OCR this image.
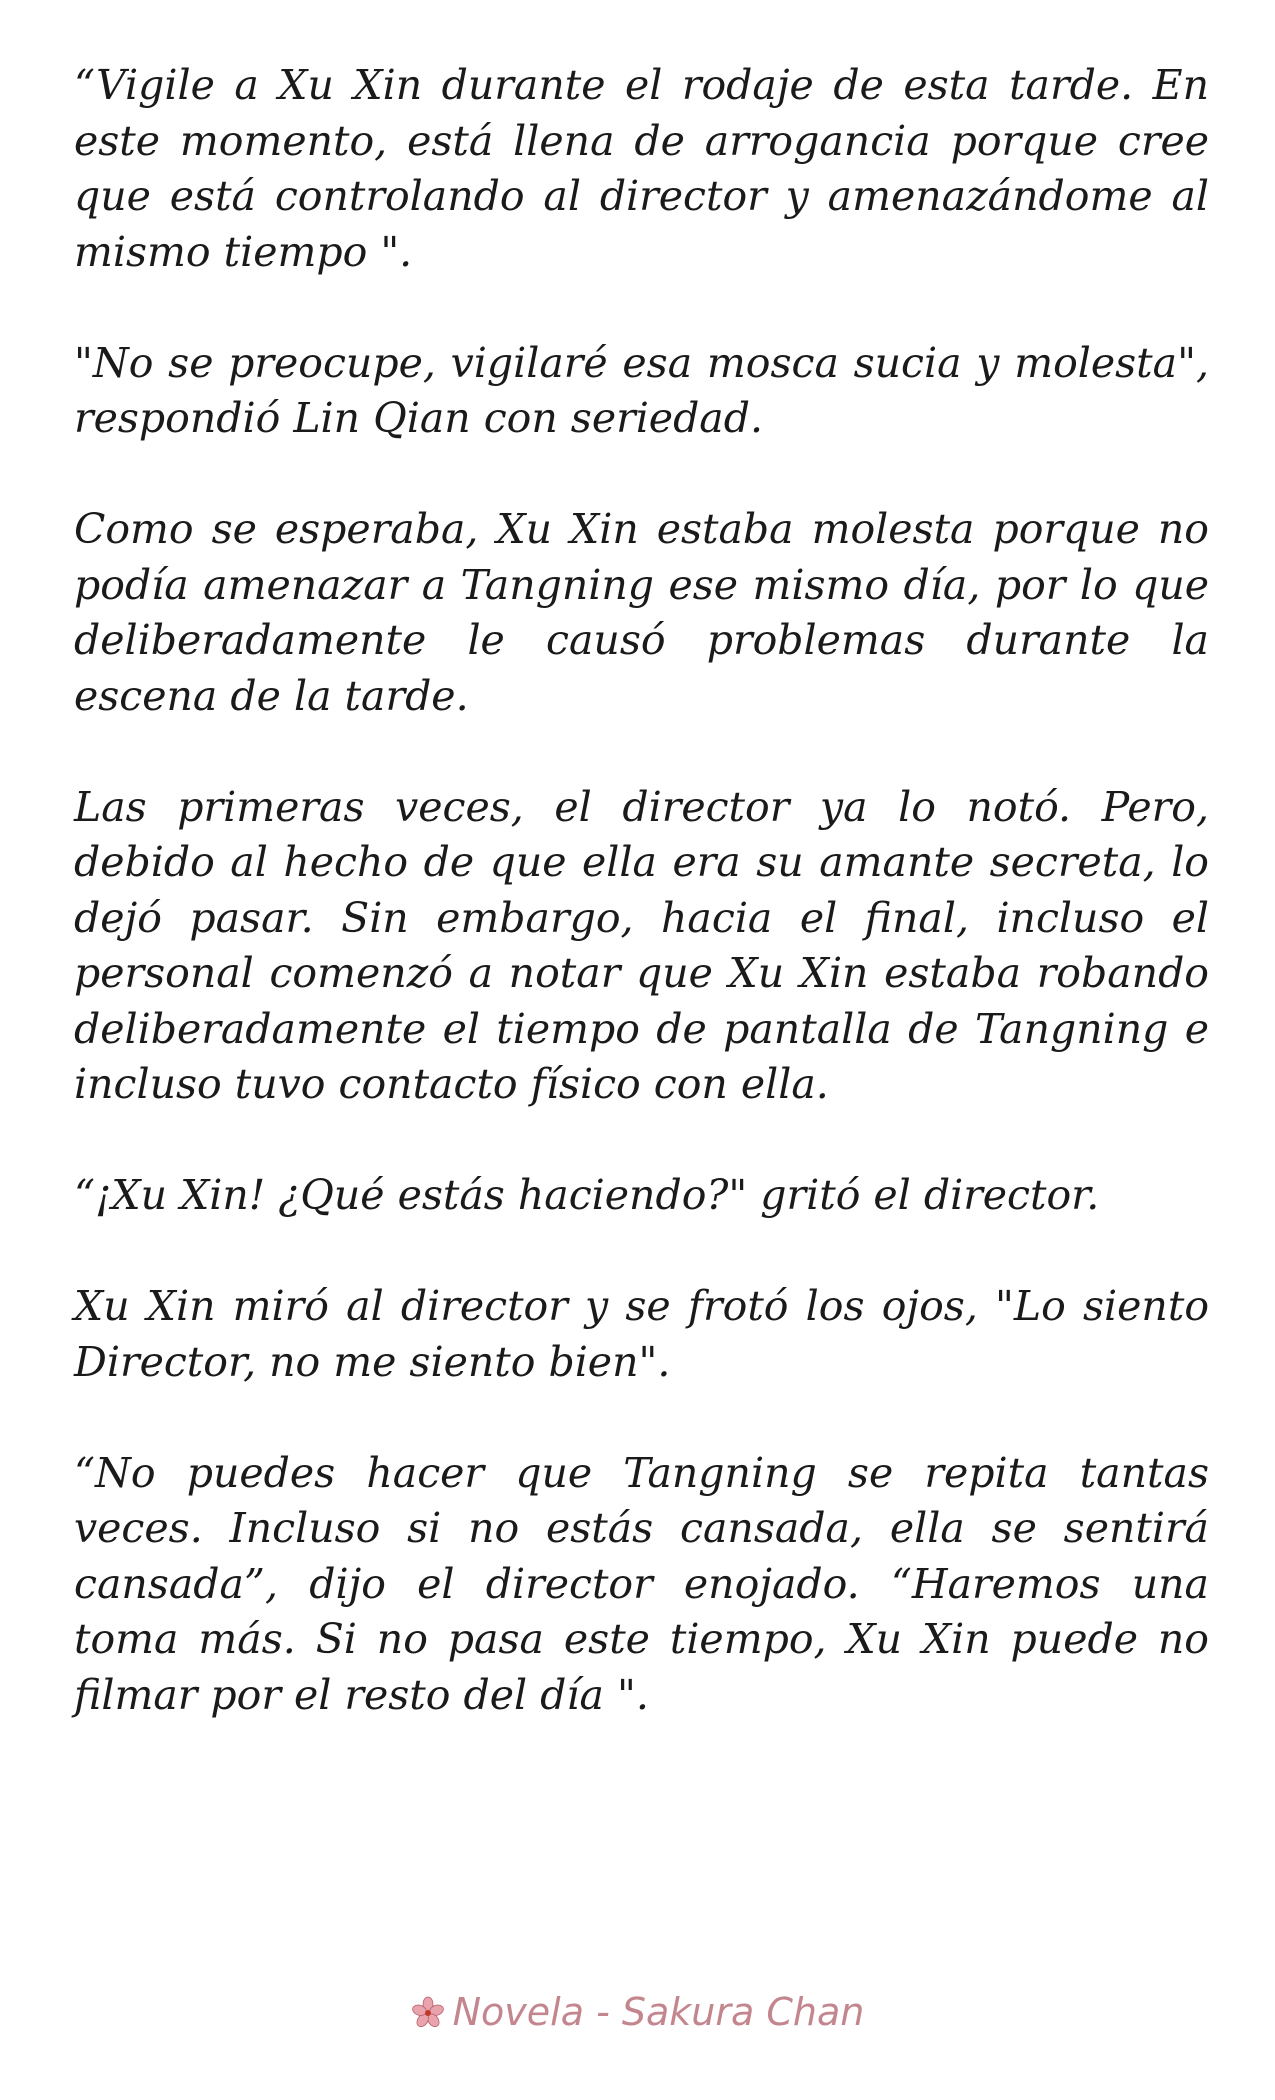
“Vigile a Xu Xin durante el rodaje de esta tarde. En este momento, está llena de arrogancia porque cree que está controlando al director y amenazándome al mismo tiempo ".

"No se preocupe, vigilaré esa mosca sucia y molesta", respondió Lin Qian con seriedad.

Como se esperaba, Xu Xin estaba molesta porque no podía amenazar a Tangning ese mismo día, por lo que deliberadamente le causó problemas durante la escena de la tarde.

Las primeras veces, el director ya lo notó. Pero, debido al hecho de que ella era su amante secreta, lo dejó pasar. Sin embargo, hacia el final, incluso el personal comenzó a notar que Xu Xin estaba robando deliberadamente el tiempo de pantalla de Tangning e incluso tuvo contacto físico con ella.

“¡Xu Xin! ¿Qué estás haciendo?" gritó el director.

Xu Xin miró al director y se frotó los ojos, "Lo siento Director, no me siento bien".

“No puedes hacer que Tangning se repita tantas veces. Incluso si no estás cansada, ella se sentirá cansada”, dijo el director enojado. “Haremos una toma más. Si no pasa este tiempo, Xu Xin puede no filmar por el resto del día ".

Novela - Sakura Chan
